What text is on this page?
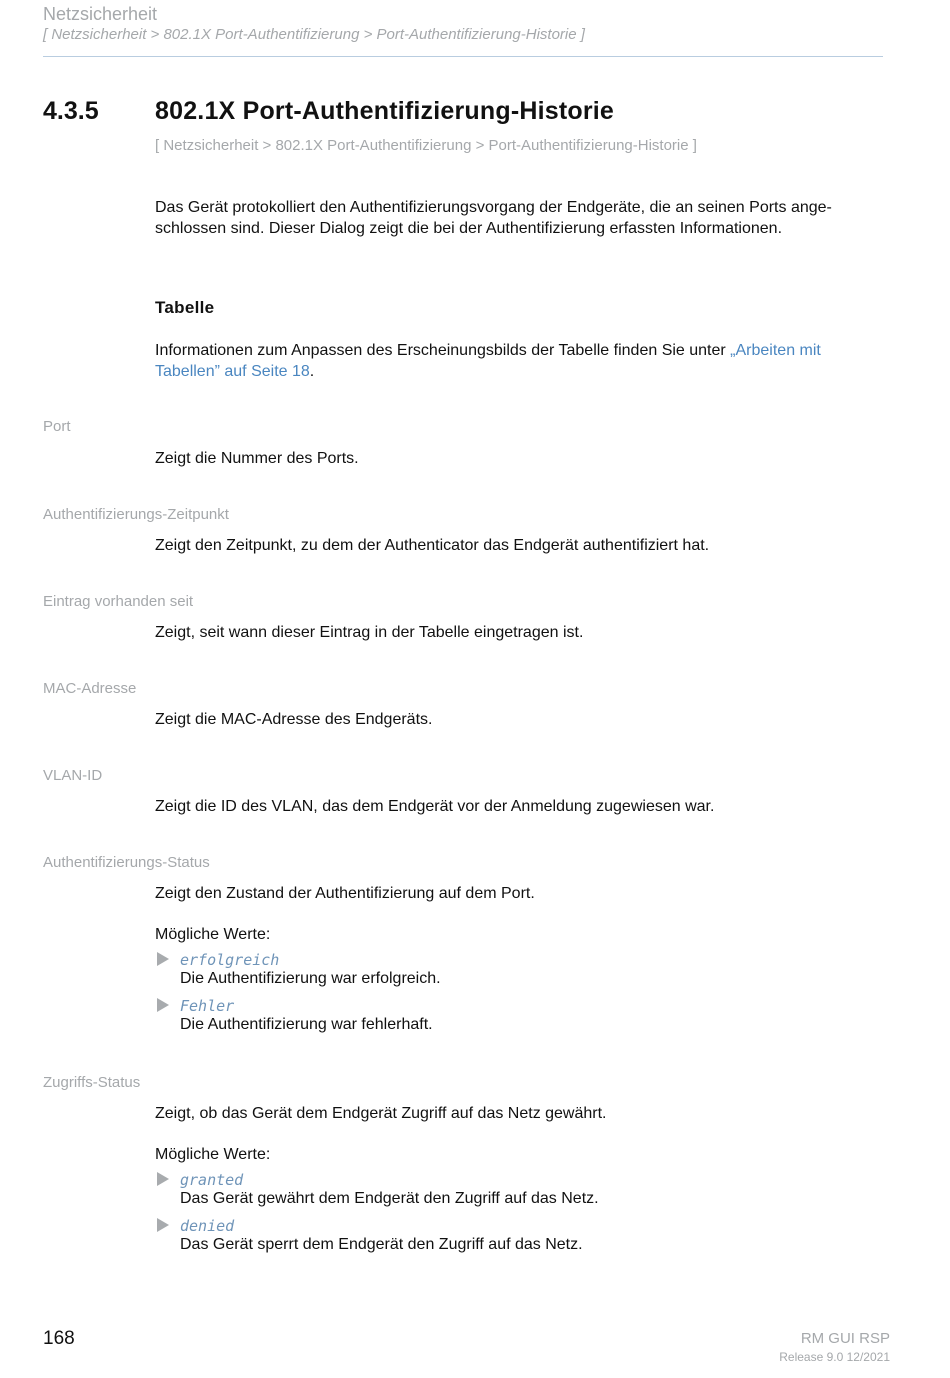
Netzsicherheit
[ Netzsicherheit > 802.1X Port-Authentifizierung > Port-Authentifizierung-Historie ]
4.3.5 802.1X Port-Authentifizierung-Historie
[ Netzsicherheit > 802.1X Port-Authentifizierung > Port-Authentifizierung-Historie ]
Das Gerät protokolliert den Authentifizierungsvorgang der Endgeräte, die an seinen Ports ange-
schlossen sind. Dieser Dialog zeigt die bei der Authentifizierung erfassten Informationen.
Tabelle
Informationen zum Anpassen des Erscheinungsbilds der Tabelle finden Sie unter „Arbeiten mit
Tabellen” auf Seite 18.
Port
Zeigt die Nummer des Ports.
Authentifizierungs-Zeitpunkt
Zeigt den Zeitpunkt, zu dem der Authenticator das Endgerät authentifiziert hat.
Eintrag vorhanden seit
Zeigt, seit wann dieser Eintrag in der Tabelle eingetragen ist.
MAC-Adresse
Zeigt die MAC-Adresse des Endgeräts.
VLAN-ID
Zeigt die ID des VLAN, das dem Endgerät vor der Anmeldung zugewiesen war.
Authentifizierungs-Status
Zeigt den Zustand der Authentifizierung auf dem Port.
Mögliche Werte:
erfolgreich
Die Authentifizierung war erfolgreich.
Fehler
Die Authentifizierung war fehlerhaft.
Zugriffs-Status
Zeigt, ob das Gerät dem Endgerät Zugriff auf das Netz gewährt.
Mögliche Werte:
granted
Das Gerät gewährt dem Endgerät den Zugriff auf das Netz.
denied
Das Gerät sperrt dem Endgerät den Zugriff auf das Netz.
168	RM GUI RSP
Release 9.0 12/2021
